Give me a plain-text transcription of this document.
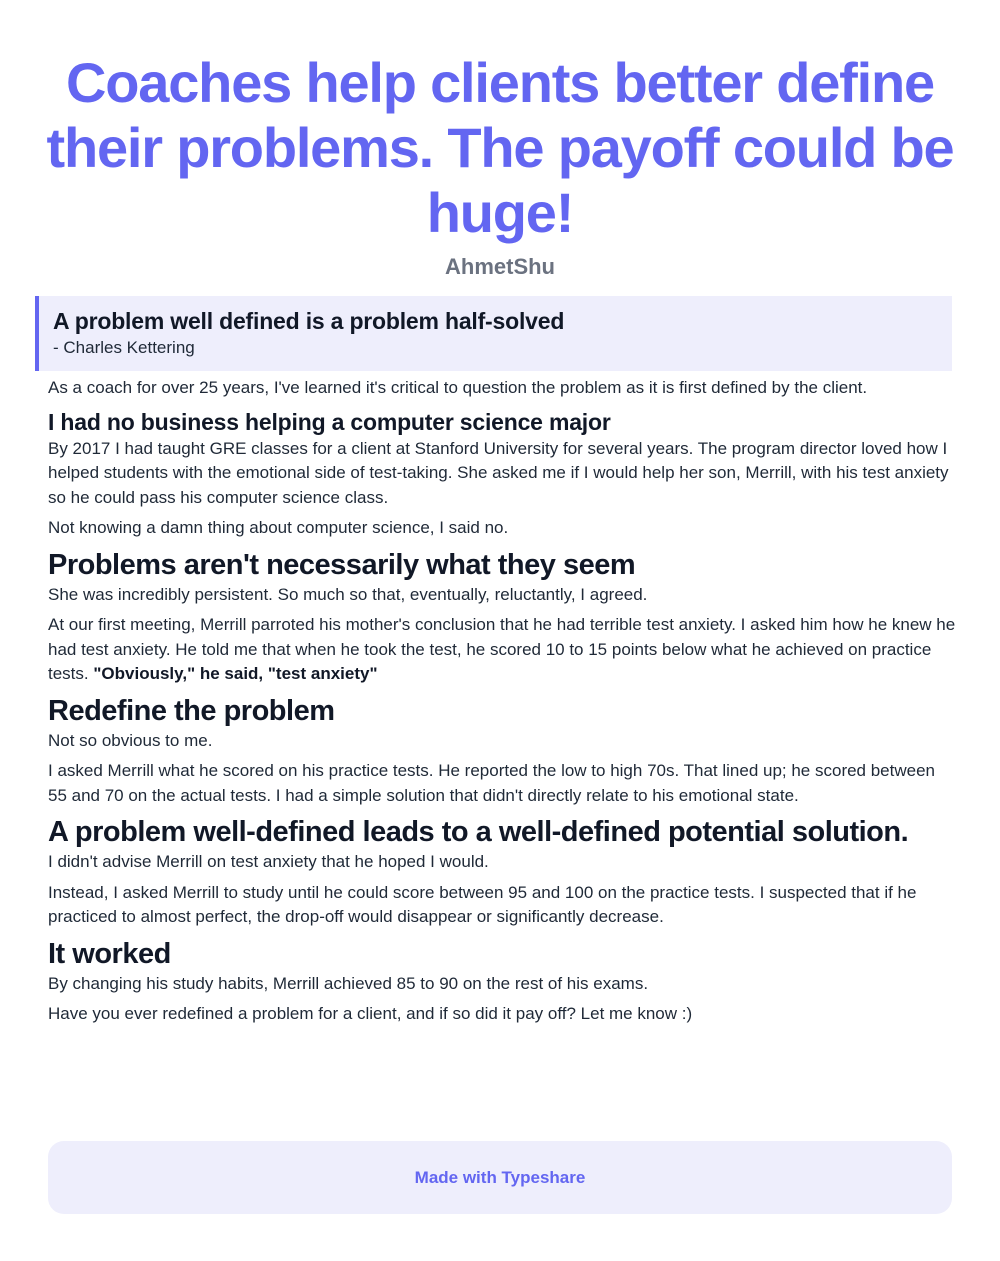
Coaches help clients better define their problems. The payoff could be huge!
AhmetShu
A problem well defined is a problem half-solved
- Charles Kettering

As a coach for over 25 years, I've learned it's critical to question the problem as it is first defined by the client.

I had no business helping a computer science major

By 2017 I had taught GRE classes for a client at Stanford University for several years. The program director loved how I helped students with the emotional side of test-taking. She asked me if I would help her son, Merrill, with his test anxiety so he could pass his computer science class.

Not knowing a damn thing about computer science, I said no.

Problems aren't necessarily what they seem

She was incredibly persistent. So much so that, eventually, reluctantly, I agreed.

At our first meeting, Merrill parroted his mother's conclusion that he had terrible test anxiety. I asked him how he knew he had test anxiety. He told me that when he took the test, he scored 10 to 15 points below what he achieved on practice tests. "Obviously," he said, "test anxiety"

Redefine the problem

Not so obvious to me.

I asked Merrill what he scored on his practice tests. He reported the low to high 70s. That lined up; he scored between 55 and 70 on the actual tests. I had a simple solution that didn't directly relate to his emotional state.

A problem well-defined leads to a well-defined potential solution.

I didn't advise Merrill on test anxiety that he hoped I would.

Instead, I asked Merrill to study until he could score between 95 and 100 on the practice tests. I suspected that if he practiced to almost perfect, the drop-off would disappear or significantly decrease.

It worked

By changing his study habits, Merrill achieved 85 to 90 on the rest of his exams.

Have you ever redefined a problem for a client, and if so did it pay off? Let me know :)

Made with Typeshare
